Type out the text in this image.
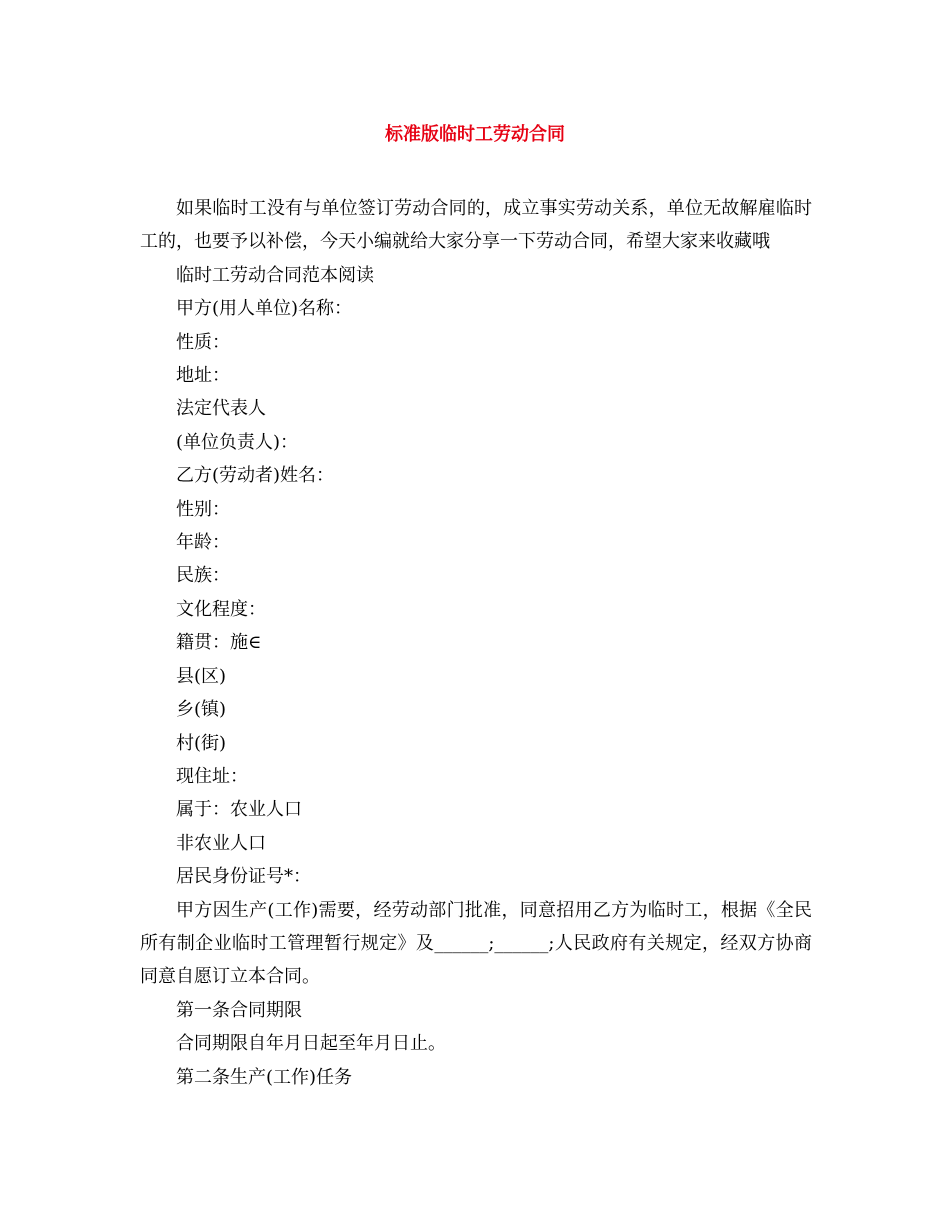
标准版临时工劳动合同

如果临时工没有与单位签订劳动合同的，成立事实劳动关系，单位无故解雇临时工的，也要予以补偿，今天小编就给大家分享一下劳动合同，希望大家来收藏哦

临时工劳动合同范本阅读

甲方(用人单位)名称：

性质：

地址：

法定代表人

(单位负责人)：

乙方(劳动者)姓名：

性别：

年龄：

民族：

文化程度：

籍贯：施∈

县(区)

乡(镇)

村(街)

现住址：

属于：农业人口

非农业人口

居民身份证号*：

甲方因生产(工作)需要，经劳动部门批准，同意招用乙方为临时工，根据《全民所有制企业临时工管理暂行规定》及______;______;人民政府有关规定，经双方协商同意自愿订立本合同。

第一条合同期限

合同期限自年月日起至年月日止。

第二条生产(工作)任务
